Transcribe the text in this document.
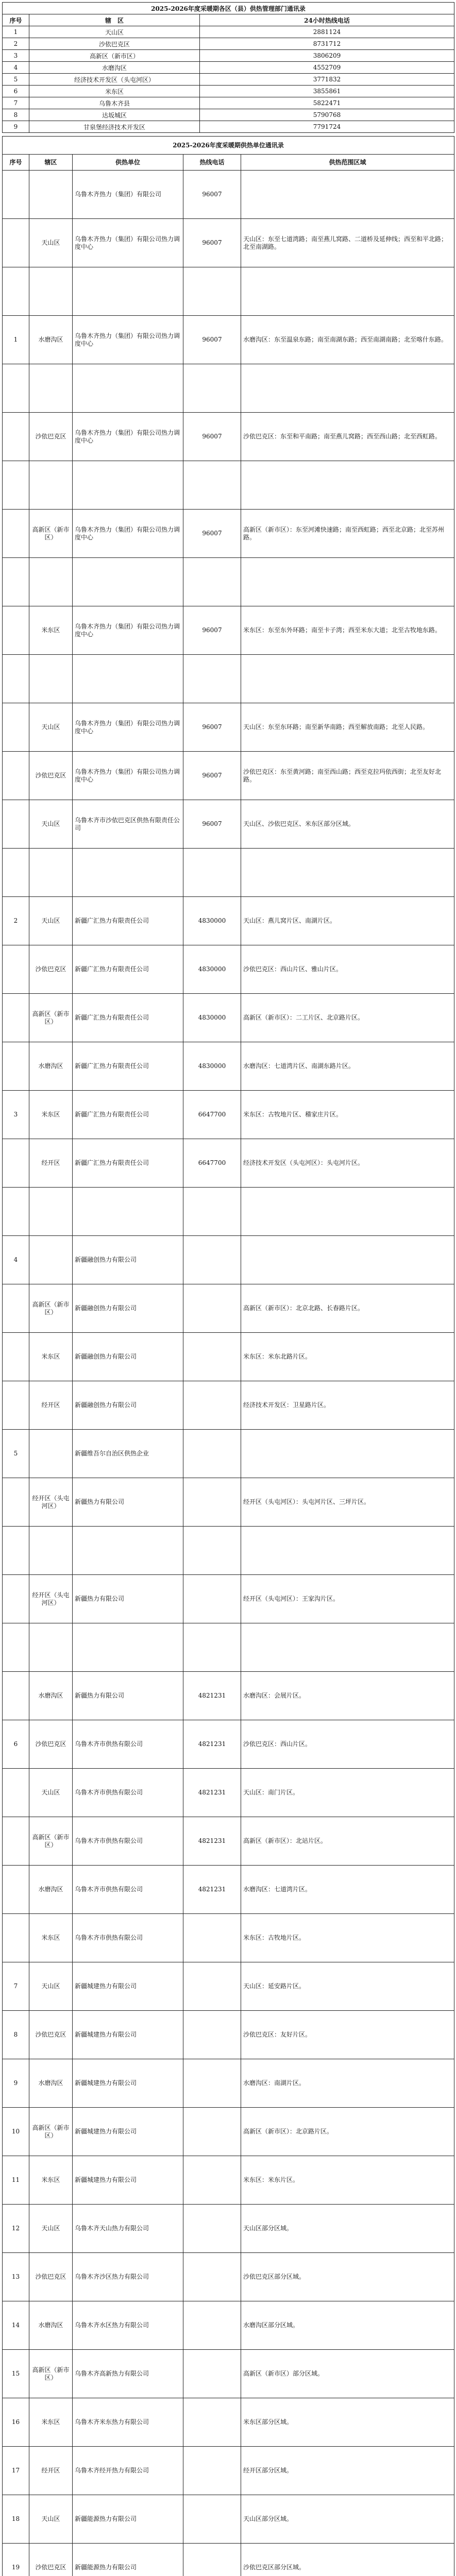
2025-2026年度采暖期各区（县）供热管理部门通讯录		
序号	辖　区	24小时热线电话
1	天山区	2881124
2	沙依巴克区	8731712
3	高新区（新市区）	3806209
4	水磨沟区	4552709
5	经济技术开发区（头屯河区）	3771832
6	米东区	3855861
7	乌鲁木齐县	5822471
8	达坂城区	5790768
9	甘泉堡经济技术开发区	7791724
2025-2026年度采暖期供热单位通讯录				
序号	辖区	供热单位	热线电话	供热范围区域
		乌鲁木齐热力（集团）有限公司	96007	
	天山区	乌鲁木齐热力（集团）有限公司热力调度中心	96007	天山区：东至七道湾路；南至燕儿窝路、二道桥及延伸线；西至和平北路；北至南湖路。

1	水磨沟区	乌鲁木齐热力（集团）有限公司热力调度中心	96007	水磨沟区：东至温泉东路；南至南湖东路；西至南湖南路；北至喀什东路。

	沙依巴克区	乌鲁木齐热力（集团）有限公司热力调度中心	96007	沙依巴克区：东至和平南路；南至燕儿窝路；西至西山路；北至西虹路。

	高新区（新市区）	乌鲁木齐热力（集团）有限公司热力调度中心	96007	高新区（新市区）：东至河滩快速路；南至西虹路；西至北京路；北至苏州路。

	米东区	乌鲁木齐热力（集团）有限公司热力调度中心	96007	米东区：东至东外环路；南至卡子湾；西至米东大道；北至古牧地东路。

	天山区	乌鲁木齐热力（集团）有限公司热力调度中心	96007	天山区：东至东环路；南至新华南路；西至解放南路；北至人民路。
	沙依巴克区	乌鲁木齐热力（集团）有限公司热力调度中心	96007	沙依巴克区：东至黄河路；南至西山路；西至克拉玛依西街；北至友好北路。
	天山区	乌鲁木齐市沙依巴克区供热有限责任公司	96007	天山区、沙依巴克区、米东区部分区域。

2	天山区	新疆广汇热力有限责任公司	4830000	天山区：燕儿窝片区、南湖片区。
	沙依巴克区	新疆广汇热力有限责任公司	4830000	沙依巴克区：西山片区、雅山片区。
	高新区（新市区）	新疆广汇热力有限责任公司	4830000	高新区（新市区）：二工片区、北京路片区。
	水磨沟区	新疆广汇热力有限责任公司	4830000	水磨沟区：七道湾片区、南湖东路片区。
3	米东区	新疆广汇热力有限责任公司	6647700	米东区：古牧地片区、稽家庄片区。
	经开区	新疆广汇热力有限责任公司	6647700	经济技术开发区（头屯河区）：头屯河片区。

4		新疆融创热力有限公司		
	高新区（新市区）	新疆融创热力有限公司		高新区（新市区）：北京北路、长春路片区。
	米东区	新疆融创热力有限公司		米东区：米东北路片区。
	经开区	新疆融创热力有限公司		经济技术开发区：卫星路片区。
5		新疆维吾尔自治区供热企业		
	经开区（头屯河区）	新疆热力有限公司		经开区（头屯河区）：头屯河片区、三坪片区。

	经开区（头屯河区）	新疆热力有限公司		经开区（头屯河区）：王家沟片区。

	水磨沟区	新疆热力有限公司	4821231	水磨沟区：会展片区。
6	沙依巴克区	乌鲁木齐市供热有限公司	4821231	沙依巴克区：西山片区。
	天山区	乌鲁木齐市供热有限公司	4821231	天山区：南门片区。
	高新区（新市区）	乌鲁木齐市供热有限公司	4821231	高新区（新市区）：北站片区。
	水磨沟区	乌鲁木齐市供热有限公司	4821231	水磨沟区：七道湾片区。
	米东区	乌鲁木齐市供热有限公司		米东区：古牧地片区。
7	天山区	新疆城建热力有限公司		天山区：延安路片区。
8	沙依巴克区	新疆城建热力有限公司		沙依巴克区：友好片区。
9	水磨沟区	新疆城建热力有限公司		水磨沟区：南湖片区。
10	高新区（新市区）	新疆城建热力有限公司		高新区（新市区）：北京路片区。
11	米东区	新疆城建热力有限公司		米东区：米东片区。
12	天山区	乌鲁木齐天山热力有限公司		天山区部分区域。
13	沙依巴克区	乌鲁木齐沙区热力有限公司		沙依巴克区部分区域。
14	水磨沟区	乌鲁木齐水区热力有限公司		水磨沟区部分区域。
15	高新区（新市区）	乌鲁木齐高新热力有限公司		高新区（新市区）部分区域。
16	米东区	乌鲁木齐米东热力有限公司		米东区部分区域。
17	经开区	乌鲁木齐经开热力有限公司		经开区部分区域。
18	天山区	新疆能源热力有限公司		天山区部分区域。
19	沙依巴克区	新疆能源热力有限公司		沙依巴克区部分区域。
